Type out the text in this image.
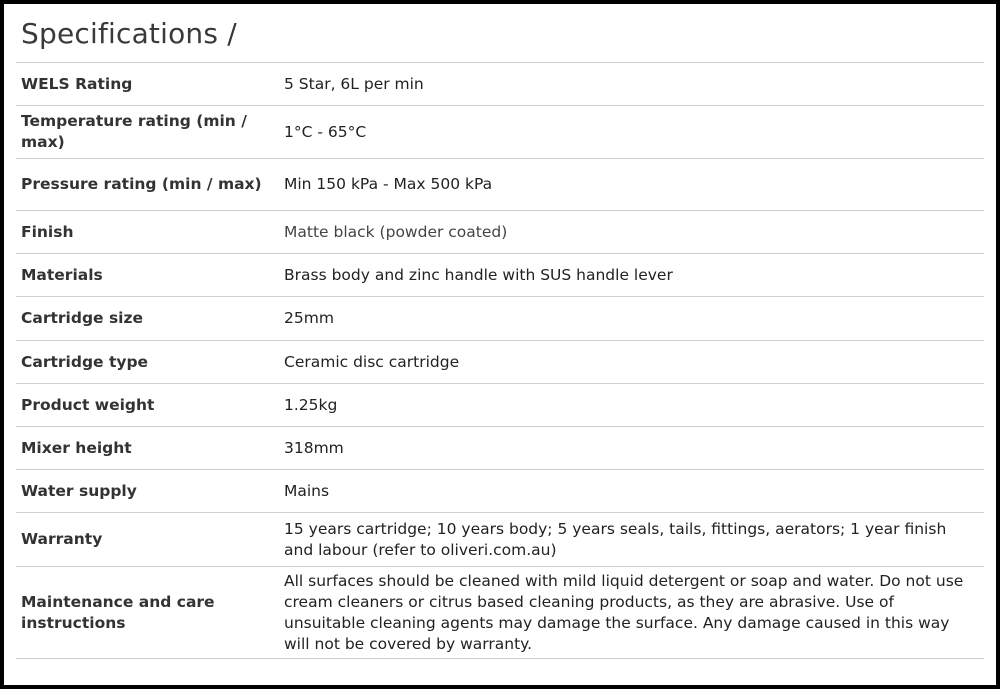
Specifications /
WELS Rating	5 Star, 6L per min
Temperature rating (min / max)	1°C - 65°C
Pressure rating (min / max)	Min 150 kPa - Max 500 kPa
Finish	Matte black (powder coated)
Materials	Brass body and zinc handle with SUS handle lever
Cartridge size	25mm
Cartridge type	Ceramic disc cartridge
Product weight	1.25kg
Mixer height	318mm
Water supply	Mains
Warranty	15 years cartridge; 10 years body; 5 years seals, tails, fittings, aerators; 1 year finish and labour (refer to oliveri.com.au)
Maintenance and care instructions	All surfaces should be cleaned with mild liquid detergent or soap and water. Do not use cream cleaners or citrus based cleaning products, as they are abrasive. Use of unsuitable cleaning agents may damage the surface. Any damage caused in this way will not be covered by warranty.
